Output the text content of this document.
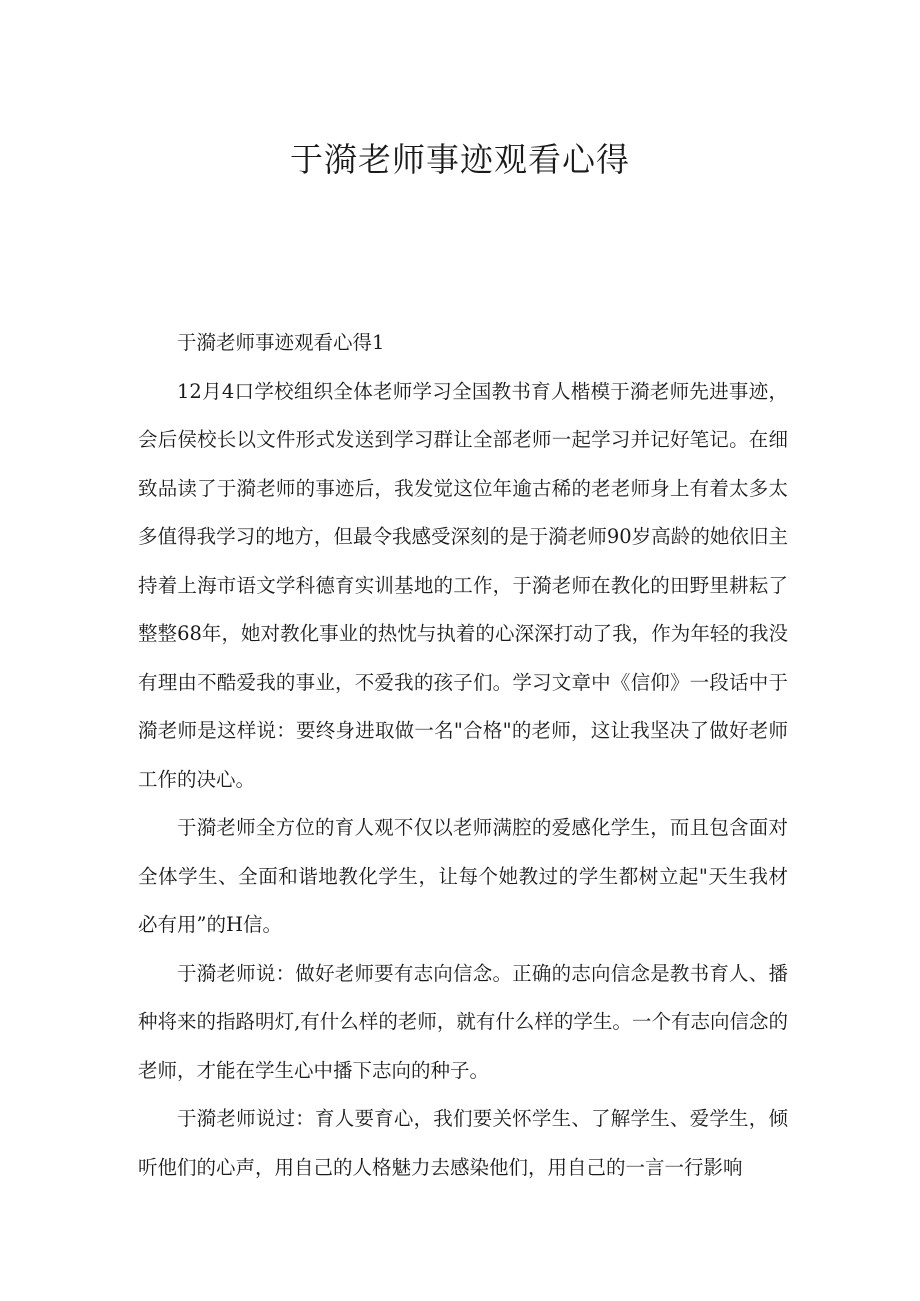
于漪老师事迹观看心得

于漪老师事迹观看心得1

12月4口学校组织全体老师学习全国教书育人楷模于漪老师先进事迹，会后侯校长以文件形式发送到学习群让全部老师一起学习并记好笔记。在细致品读了于漪老师的事迹后，我发觉这位年逾古稀的老老师身上有着太多太多值得我学习的地方，但最令我感受深刻的是于漪老师90岁高龄的她依旧主持着上海市语文学科德育实训基地的工作，于漪老师在教化的田野里耕耘了整整68年，她对教化事业的热忱与执着的心深深打动了我，作为年轻的我没有理由不酷爱我的事业，不爱我的孩子们。学习文章中《信仰》一段话中于漪老师是这样说：要终身进取做一名"合格"的老师，这让我坚决了做好老师工作的决心。

于漪老师全方位的育人观不仅以老师满腔的爱感化学生，而且包含面对全体学生、全面和谐地教化学生，让每个她教过的学生都树立起"天生我材必有用”的H信。

于漪老师说：做好老师要有志向信念。正确的志向信念是教书育人、播种将来的指路明灯,有什么样的老师，就有什么样的学生。一个有志向信念的老师，才能在学生心中播下志向的种子。

于漪老师说过：育人要育心，我们要关怀学生、了解学生、爱学生，倾听他们的心声，用自己的人格魅力去感染他们，用自己的一言一行影响
